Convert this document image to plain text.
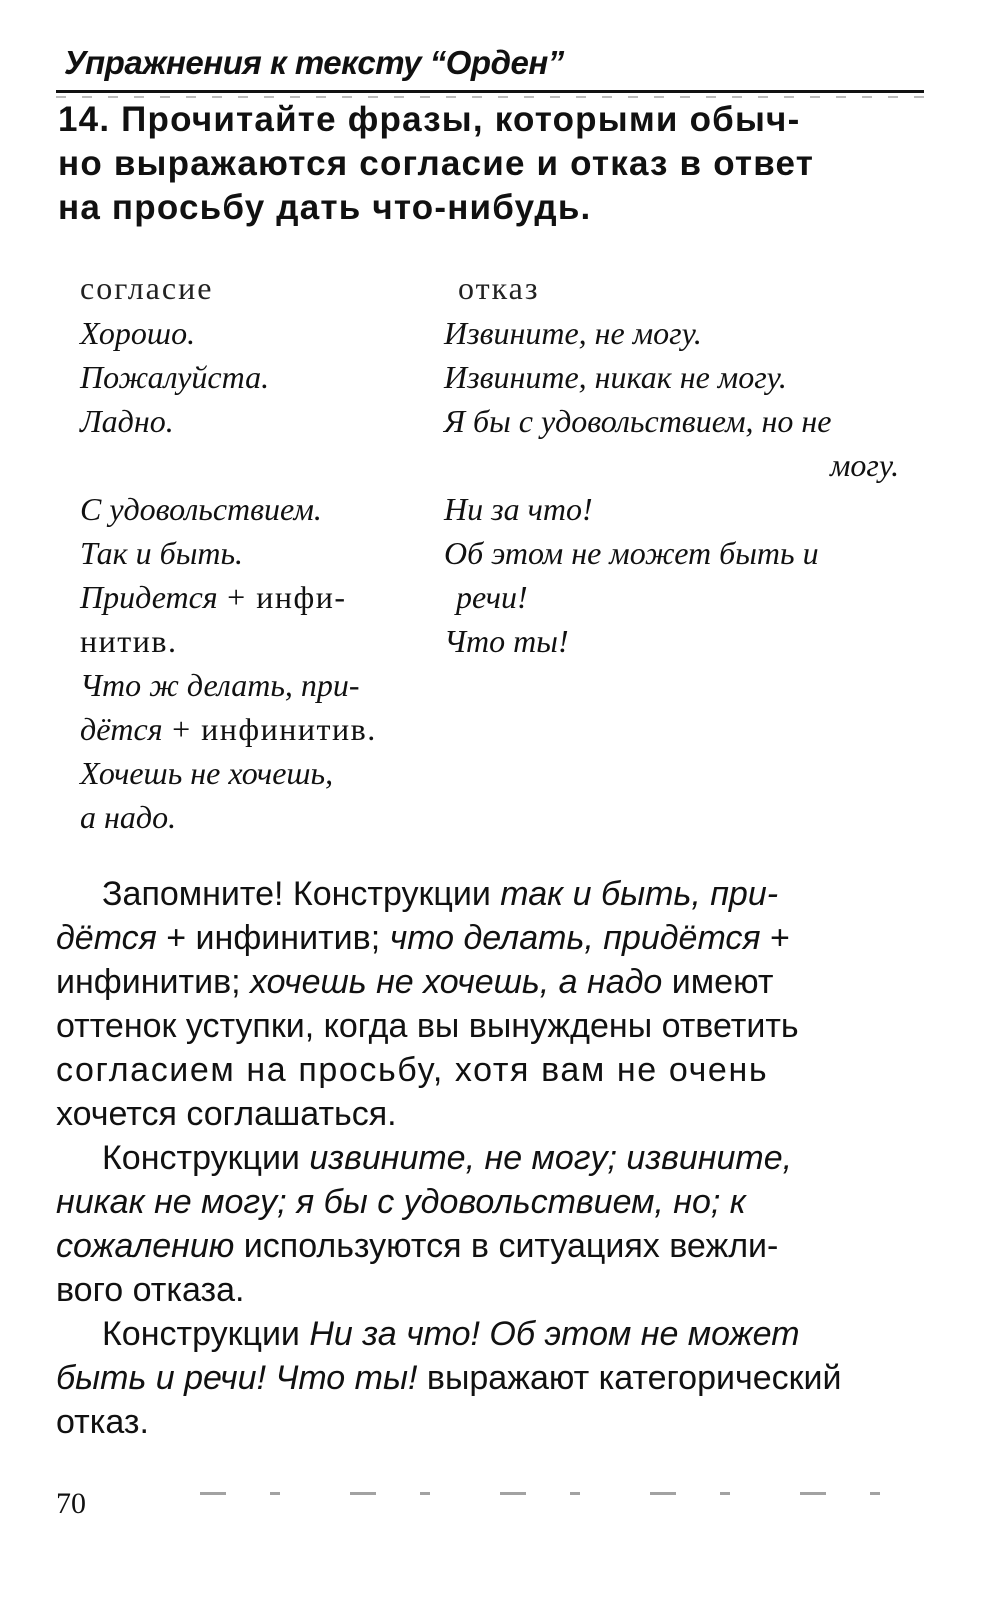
Упражнения к тексту “Орден”
14. Прочитайте фразы, которыми обыч-
но выражаются согласие и отказ в ответ
на просьбу дать что-нибудь.
согласие
Хорошо.
Пожалуйста.
Ладно.
С удовольствием.
Так и быть.
Придется + инфи-
нитив.
Что ж делать, при-
дётся + инфинитив.
Хочешь не хочешь,
а надо.
отказ
Извините, не могу.
Извините, никак не могу.
Я бы с удовольствием, но не
могу.
Ни за что!
Об этом не может быть и
речи!
Что ты!
Запомните! Конструкции так и быть, при-
дётся + инфинитив; что делать, придётся +
инфинитив; хочешь не хочешь, а надо имеют
оттенок уступки, когда вы вынуждены ответить
согласием на просьбу, хотя вам не очень
хочется соглашаться.
Конструкции извините, не могу; извините,
никак не могу; я бы с удовольствием, но; к
сожалению используются в ситуациях вежли-
вого отказа.
Конструкции Ни за что! Об этом не может
быть и речи! Что ты! выражают категорический
отказ.
70
